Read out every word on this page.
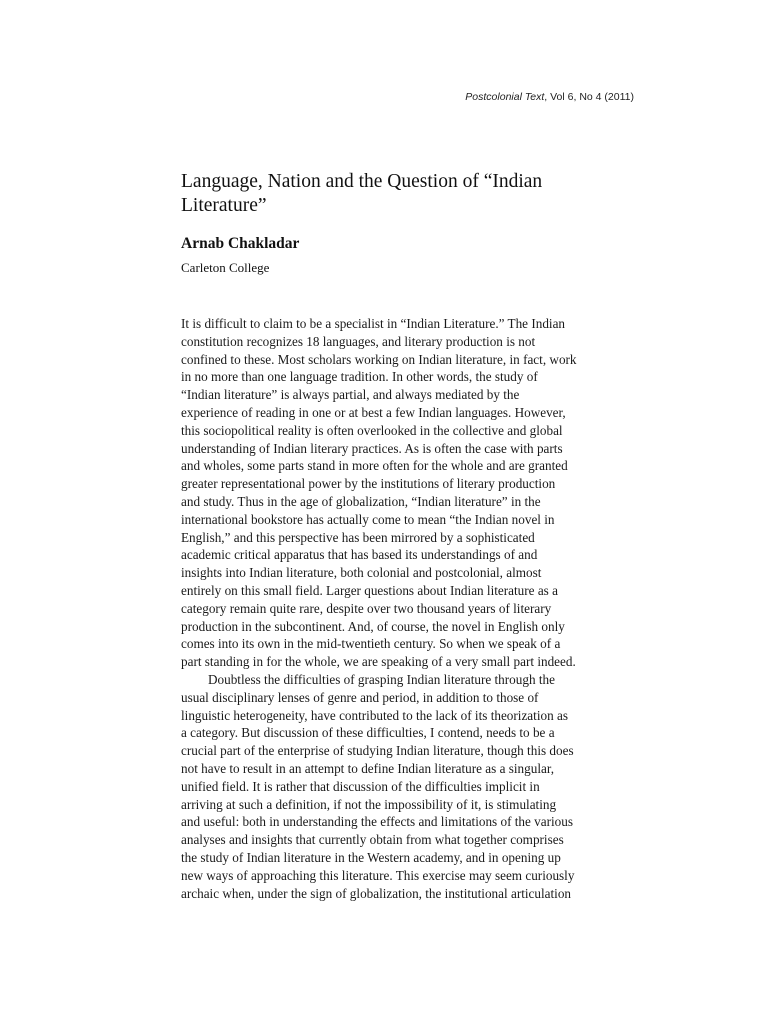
Postcolonial Text, Vol 6, No 4 (2011)
Language, Nation and the Question of “Indian
Literature”
Arnab Chakladar
Carleton College
It is difficult to claim to be a specialist in “Indian Literature.” The Indian
constitution recognizes 18 languages, and literary production is not
confined to these. Most scholars working on Indian literature, in fact, work
in no more than one language tradition. In other words, the study of
“Indian literature” is always partial, and always mediated by the
experience of reading in one or at best a few Indian languages. However,
this sociopolitical reality is often overlooked in the collective and global
understanding of Indian literary practices. As is often the case with parts
and wholes, some parts stand in more often for the whole and are granted
greater representational power by the institutions of literary production
and study. Thus in the age of globalization, “Indian literature” in the
international bookstore has actually come to mean “the Indian novel in
English,” and this perspective has been mirrored by a sophisticated
academic critical apparatus that has based its understandings of and
insights into Indian literature, both colonial and postcolonial, almost
entirely on this small field. Larger questions about Indian literature as a
category remain quite rare, despite over two thousand years of literary
production in the subcontinent. And, of course, the novel in English only
comes into its own in the mid-twentieth century. So when we speak of a
part standing in for the whole, we are speaking of a very small part indeed.
Doubtless the difficulties of grasping Indian literature through the
usual disciplinary lenses of genre and period, in addition to those of
linguistic heterogeneity, have contributed to the lack of its theorization as
a category. But discussion of these difficulties, I contend, needs to be a
crucial part of the enterprise of studying Indian literature, though this does
not have to result in an attempt to define Indian literature as a singular,
unified field. It is rather that discussion of the difficulties implicit in
arriving at such a definition, if not the impossibility of it, is stimulating
and useful: both in understanding the effects and limitations of the various
analyses and insights that currently obtain from what together comprises
the study of Indian literature in the Western academy, and in opening up
new ways of approaching this literature. This exercise may seem curiously
archaic when, under the sign of globalization, the institutional articulation
